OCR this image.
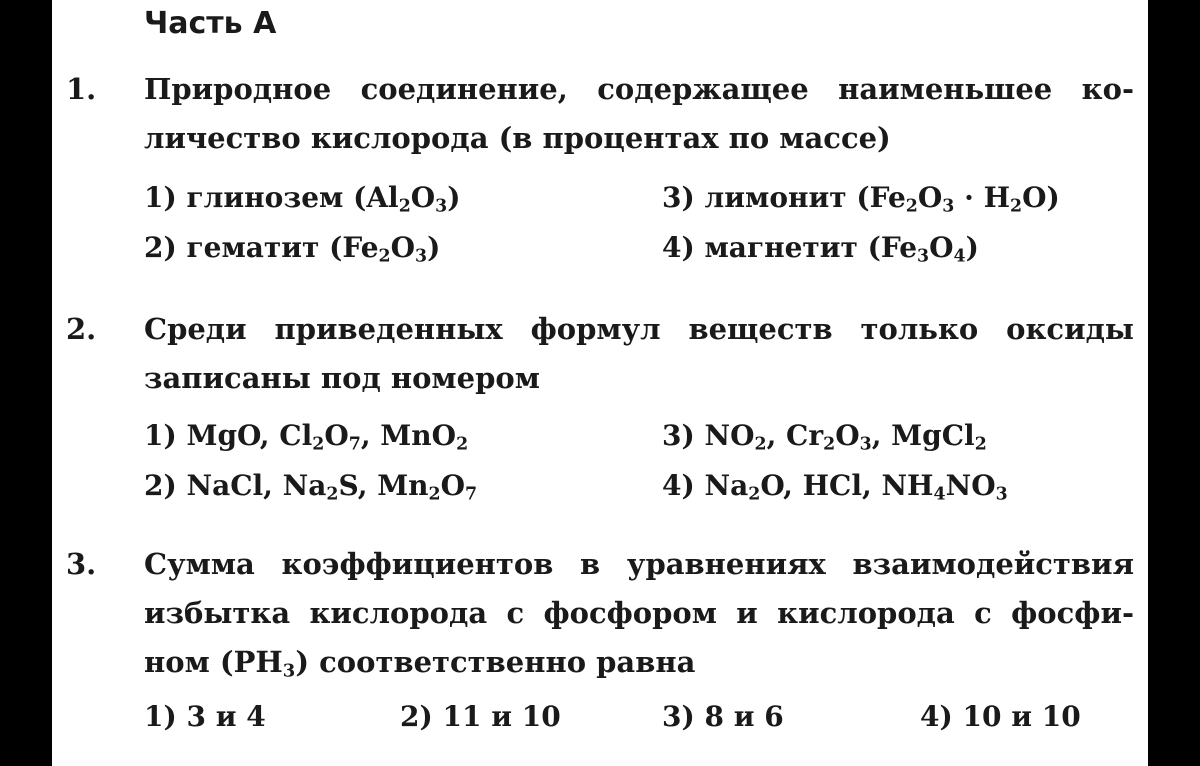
Часть А
1. Природное соединение, содержащее наименьшее ко-
личество кислорода (в процентах по массе)
1) глинозем $(Al_2O_3)$	3) лимонит $(Fe_2O_3 \cdot H_2O)$
2) гематит $(Fe_2O_3)$	4) магнетит $(Fe_3O_4)$
2. Среди приведенных формул веществ только оксиды
записаны под номером
1) MgO, $Cl_2O_7$, MnO$_2$	3) $NO_2$, $Cr_2O_3$, MgCl$_2$
2) NaCl, $Na_2S$, $Mn_2O_7$	4) $Na_2O$, HCl, $NH_4NO_3$
3. Сумма коэффициентов в уравнениях взаимодействия
избытка кислорода с фосфором и кислорода с фосфи-
ном $(PH_3)$ соответственно равна
1) 3 и 4	2) 11 и 10	3) 8 и 6	4) 10 и 10
